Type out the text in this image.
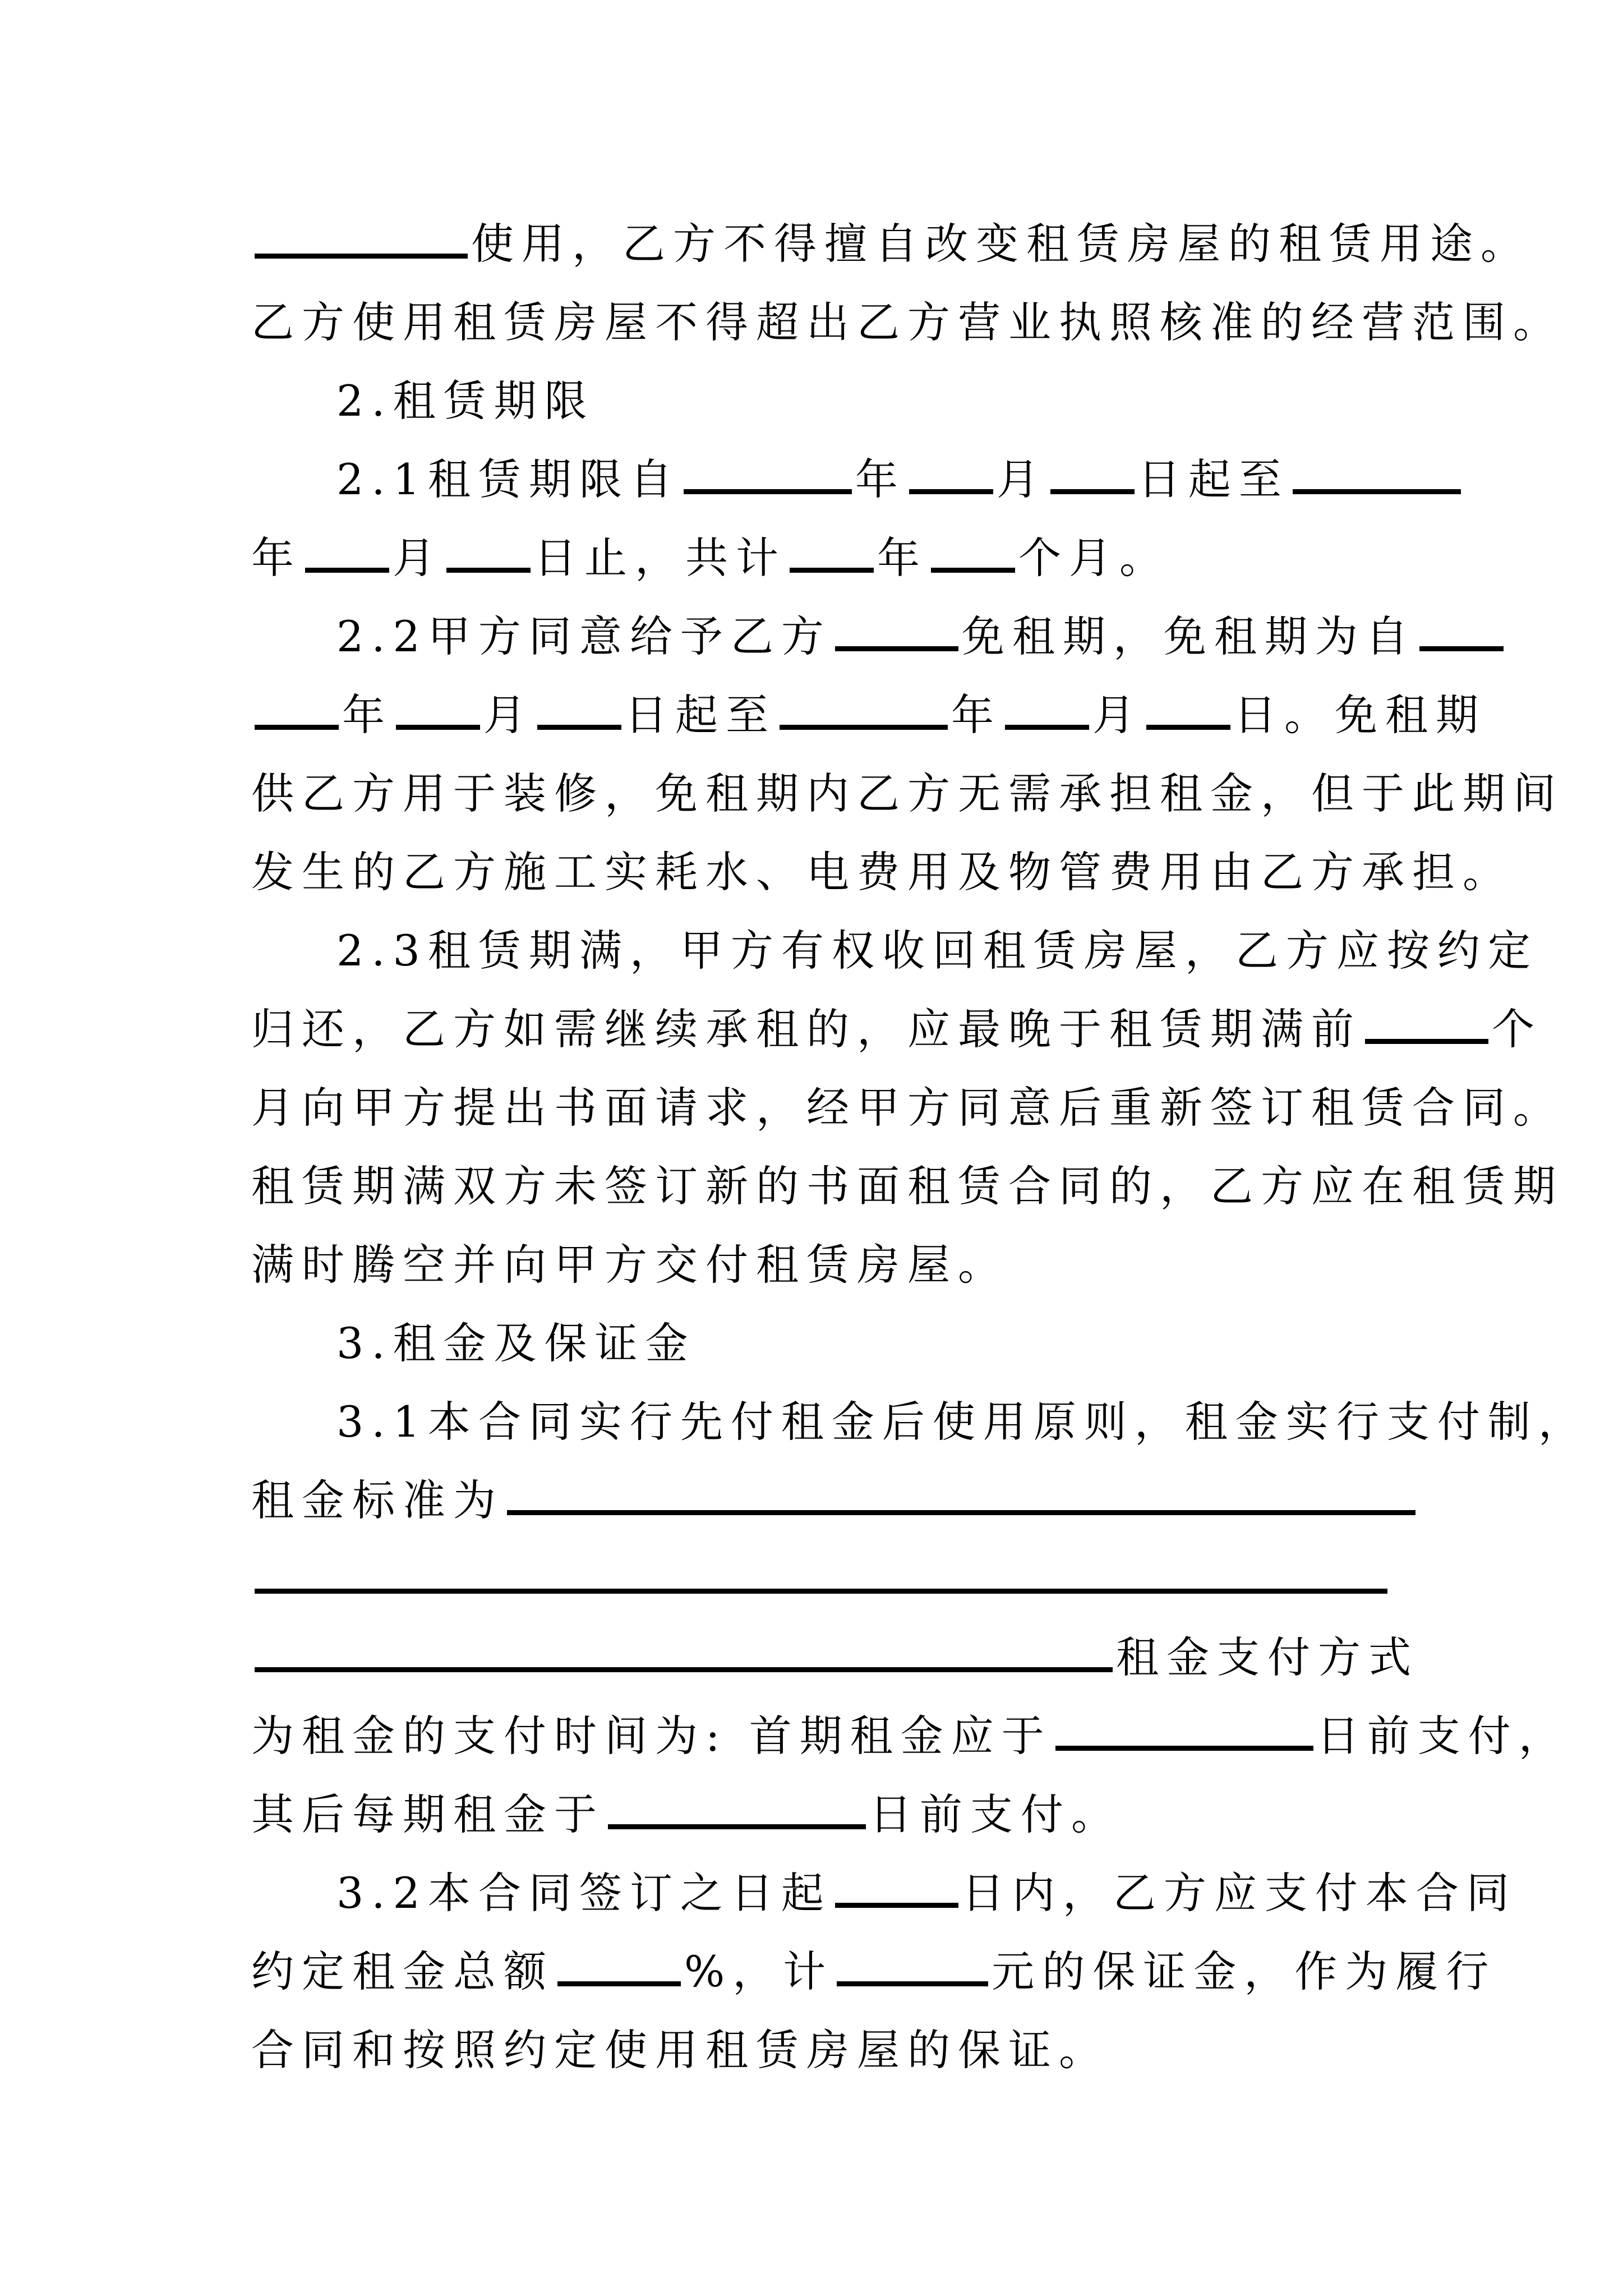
使用，乙方不得擅自改变租赁房屋的租赁用途。
乙方使用租赁房屋不得超出乙方营业执照核准的经营范围。
2.租赁期限
2.1租赁期限自	年 月 日起至
年 月 日止，共计 年 个月。
2.2甲方同意给予乙方	免租期，免租期为自
年 月 日起至	年 月 日。免租期
供乙方用于装修，免租期内乙方无需承担租金，但于此期间
发生的乙方施工实耗水、电费用及物管费用由乙方承担。
2.3租赁期满，甲方有权收回租赁房屋，乙方应按约定
归还，乙方如需继续承租的，应最晚于租赁期满前	个
月向甲方提出书面请求，经甲方同意后重新签订租赁合同。
租赁期满双方未签订新的书面租赁合同的，乙方应在租赁期
满时腾空并向甲方交付租赁房屋。
3.租金及保证金
3.1本合同实行先付租金后使用原则，租金实行支付制，
租金标准为
租金支付方式
为租金的支付时间为: 首期租金应于	日前支付，
其后每期租金于	日前支付。
3.2本合同签订之日起	日内，乙方应支付本合同
约定租金总额	%，计	元的保证金，作为履行
合同和按照约定使用租赁房屋的保证。
